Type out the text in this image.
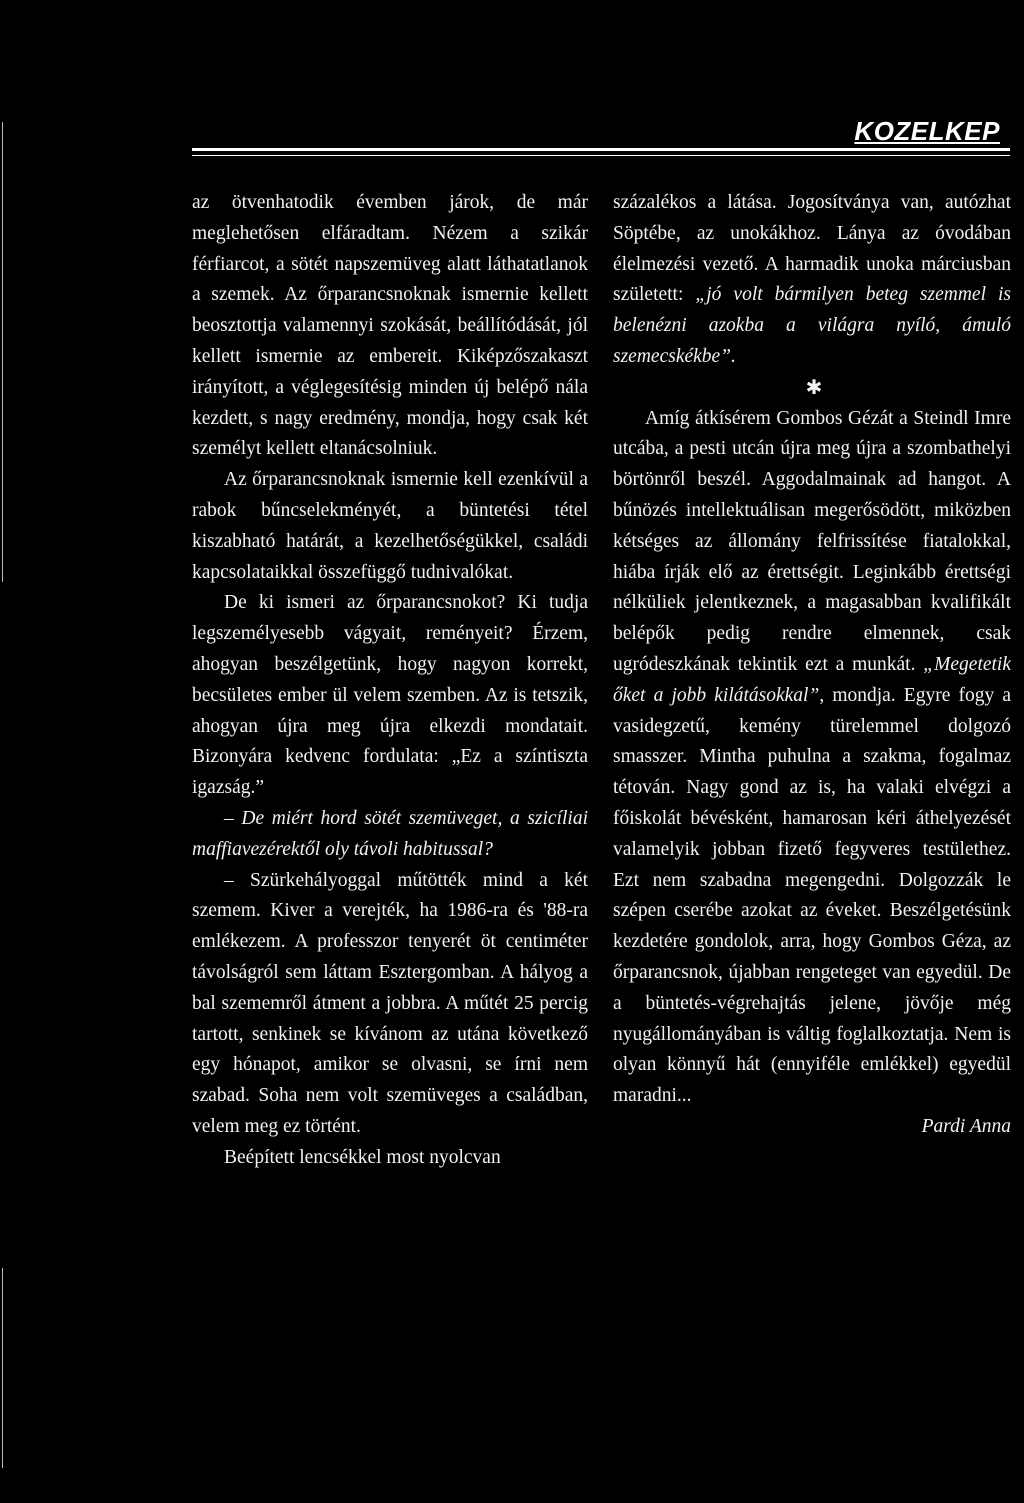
KOZELKEP

az ötvenhatodik évemben járok, de már meglehetősen elfáradtam. Nézem a szikár férfiarcot, a sötét napszemüveg alatt láthatatlanok a szemek. Az őrparancsnoknak ismernie kellett beosztottja valamennyi szokását, beállítódását, jól kellett ismernie az embereit. Kiképzőszakaszt irányított, a véglegesítésig minden új belépő nála kezdett, s nagy eredmény, mondja, hogy csak két személyt kellett eltanácsolniuk.

Az őrparancsnoknak ismernie kell ezenkívül a rabok bűncselekményét, a büntetési tétel kiszabható határát, a kezelhetőségükkel, családi kapcsolataikkal összefüggő tudnivalókat.

De ki ismeri az őrparancsnokot? Ki tudja legszemélyesebb vágyait, reményeit? Érzem, ahogyan beszélgetünk, hogy nagyon korrekt, becsületes ember ül velem szemben. Az is tetszik, ahogyan újra meg újra elkezdi mondatait. Bizonyára kedvenc fordulata: „Ez a színtiszta igazság.”

– De miért hord sötét szemüveget, a szicíliai maffiavezérektől oly távoli habitussal?

– Szürkehályoggal műtötték mind a két szemem. Kiver a verejték, ha 1986-ra és '88-ra emlékezem. A professzor tenyerét öt centiméter távolságról sem láttam Esztergomban. A hályog a bal szememről átment a jobbra. A műtét 25 percig tartott, senkinek se kívánom az utána következő egy hónapot, amikor se olvasni, se írni nem szabad. Soha nem volt szemüveges a családban, velem meg ez történt.

Beépített lencsékkel most nyolcvan

százalékos a látása. Jogosítványa van, autózhat Söptébe, az unokákhoz. Lánya az óvodában élelmezési vezető. A harmadik unoka márciusban született: „jó volt bármilyen beteg szemmel is belenézni azokba a világra nyíló, ámuló szemecskékbe”.

✱

Amíg átkísérem Gombos Gézát a Steindl Imre utcába, a pesti utcán újra meg újra a szombathelyi börtönről beszél. Aggodalmainak ad hangot. A bűnözés intellektuálisan megerősödött, miközben kétséges az állomány felfrissítése fiatalokkal, hiába írják elő az érettségit. Leginkább érettségi nélküliek jelentkeznek, a magasabban kvalifikált belépők pedig rendre elmennek, csak ugródeszkának tekintik ezt a munkát. „Megetetik őket a jobb kilátásokkal”, mondja. Egyre fogy a vasidegzetű, kemény türelemmel dolgozó smasszer. Mintha puhulna a szakma, fogalmaz tétován. Nagy gond az is, ha valaki elvégzi a főiskolát bévésként, hamarosan kéri áthelyezését valamelyik jobban fizető fegyveres testülethez. Ezt nem szabadna megengedni. Dolgozzák le szépen cserébe azokat az éveket. Beszélgetésünk kezdetére gondolok, arra, hogy Gombos Géza, az őrparancsnok, újabban rengeteget van egyedül. De a büntetés-végrehajtás jelene, jövője még nyugállományában is váltig foglalkoztatja. Nem is olyan könnyű hát (ennyiféle emlékkel) egyedül maradni...

Pardi Anna
